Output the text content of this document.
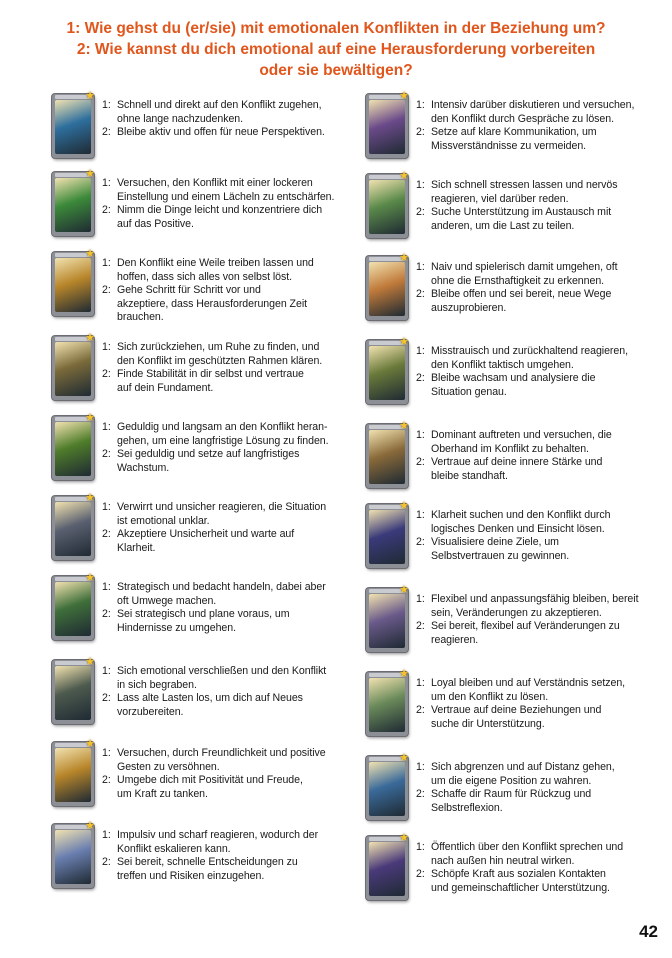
1: Wie gehst du (er/sie) mit emotionalen Konflikten in der Beziehung um?
2: Wie kannst du dich emotional auf eine Herausforderung vorbereiten
oder sie bewältigen?
★
1: Schnell und direkt auf den Konflikt zugehen,
ohne lange nachzudenken.
2: Bleibe aktiv und offen für neue Perspektiven.
★
1: Versuchen, den Konflikt mit einer lockeren
Einstellung und einem Lächeln zu entschärfen.
2: Nimm die Dinge leicht und konzentriere dich
auf das Positive.
★
1: Den Konflikt eine Weile treiben lassen und
hoffen, dass sich alles von selbst löst.
2: Gehe Schritt für Schritt vor und
akzeptiere, dass Herausforderungen Zeit
brauchen.
★
1: Sich zurückziehen, um Ruhe zu finden, und
den Konflikt im geschützten Rahmen klären.
2: Finde Stabilität in dir selbst und vertraue
auf dein Fundament.
★
1: Geduldig und langsam an den Konflikt heran-
gehen, um eine langfristige Lösung zu finden.
2: Sei geduldig und setze auf langfristiges
Wachstum.
★
1: Verwirrt und unsicher reagieren, die Situation
ist emotional unklar.
2: Akzeptiere Unsicherheit und warte auf
Klarheit.
★
1: Strategisch und bedacht handeln, dabei aber
oft Umwege machen.
2: Sei strategisch und plane voraus, um
Hindernisse zu umgehen.
★
1: Sich emotional verschließen und den Konflikt
in sich begraben.
2: Lass alte Lasten los, um dich auf Neues
vorzubereiten.
★
1: Versuchen, durch Freundlichkeit und positive
Gesten zu versöhnen.
2: Umgebe dich mit Positivität und Freude,
um Kraft zu tanken.
★
1: Impulsiv und scharf reagieren, wodurch der
Konflikt eskalieren kann.
2: Sei bereit, schnelle Entscheidungen zu
treffen und Risiken einzugehen.
★
1: Intensiv darüber diskutieren und versuchen,
den Konflikt durch Gespräche zu lösen.
2: Setze auf klare Kommunikation, um
Missverständnisse zu vermeiden.
★
1: Sich schnell stressen lassen und nervös
reagieren, viel darüber reden.
2: Suche Unterstützung im Austausch mit
anderen, um die Last zu teilen.
★
1: Naiv und spielerisch damit umgehen, oft
ohne die Ernsthaftigkeit zu erkennen.
2: Bleibe offen und sei bereit, neue Wege
auszuprobieren.
★
1: Misstrauisch und zurückhaltend reagieren,
den Konflikt taktisch umgehen.
2: Bleibe wachsam und analysiere die
Situation genau.
★
1: Dominant auftreten und versuchen, die
Oberhand im Konflikt zu behalten.
2: Vertraue auf deine innere Stärke und
bleibe standhaft.
★
1: Klarheit suchen und den Konflikt durch
logisches Denken und Einsicht lösen.
2: Visualisiere deine Ziele, um
Selbstvertrauen zu gewinnen.
★
1: Flexibel und anpassungsfähig bleiben, bereit
sein, Veränderungen zu akzeptieren.
2: Sei bereit, flexibel auf Veränderungen zu
reagieren.
★
1: Loyal bleiben und auf Verständnis setzen,
um den Konflikt zu lösen.
2: Vertraue auf deine Beziehungen und
suche dir Unterstützung.
★
1: Sich abgrenzen und auf Distanz gehen,
um die eigene Position zu wahren.
2: Schaffe dir Raum für Rückzug und
Selbstreflexion.
★
1: Öffentlich über den Konflikt sprechen und
nach außen hin neutral wirken.
2: Schöpfe Kraft aus sozialen Kontakten
und gemeinschaftlicher Unterstützung.
42
